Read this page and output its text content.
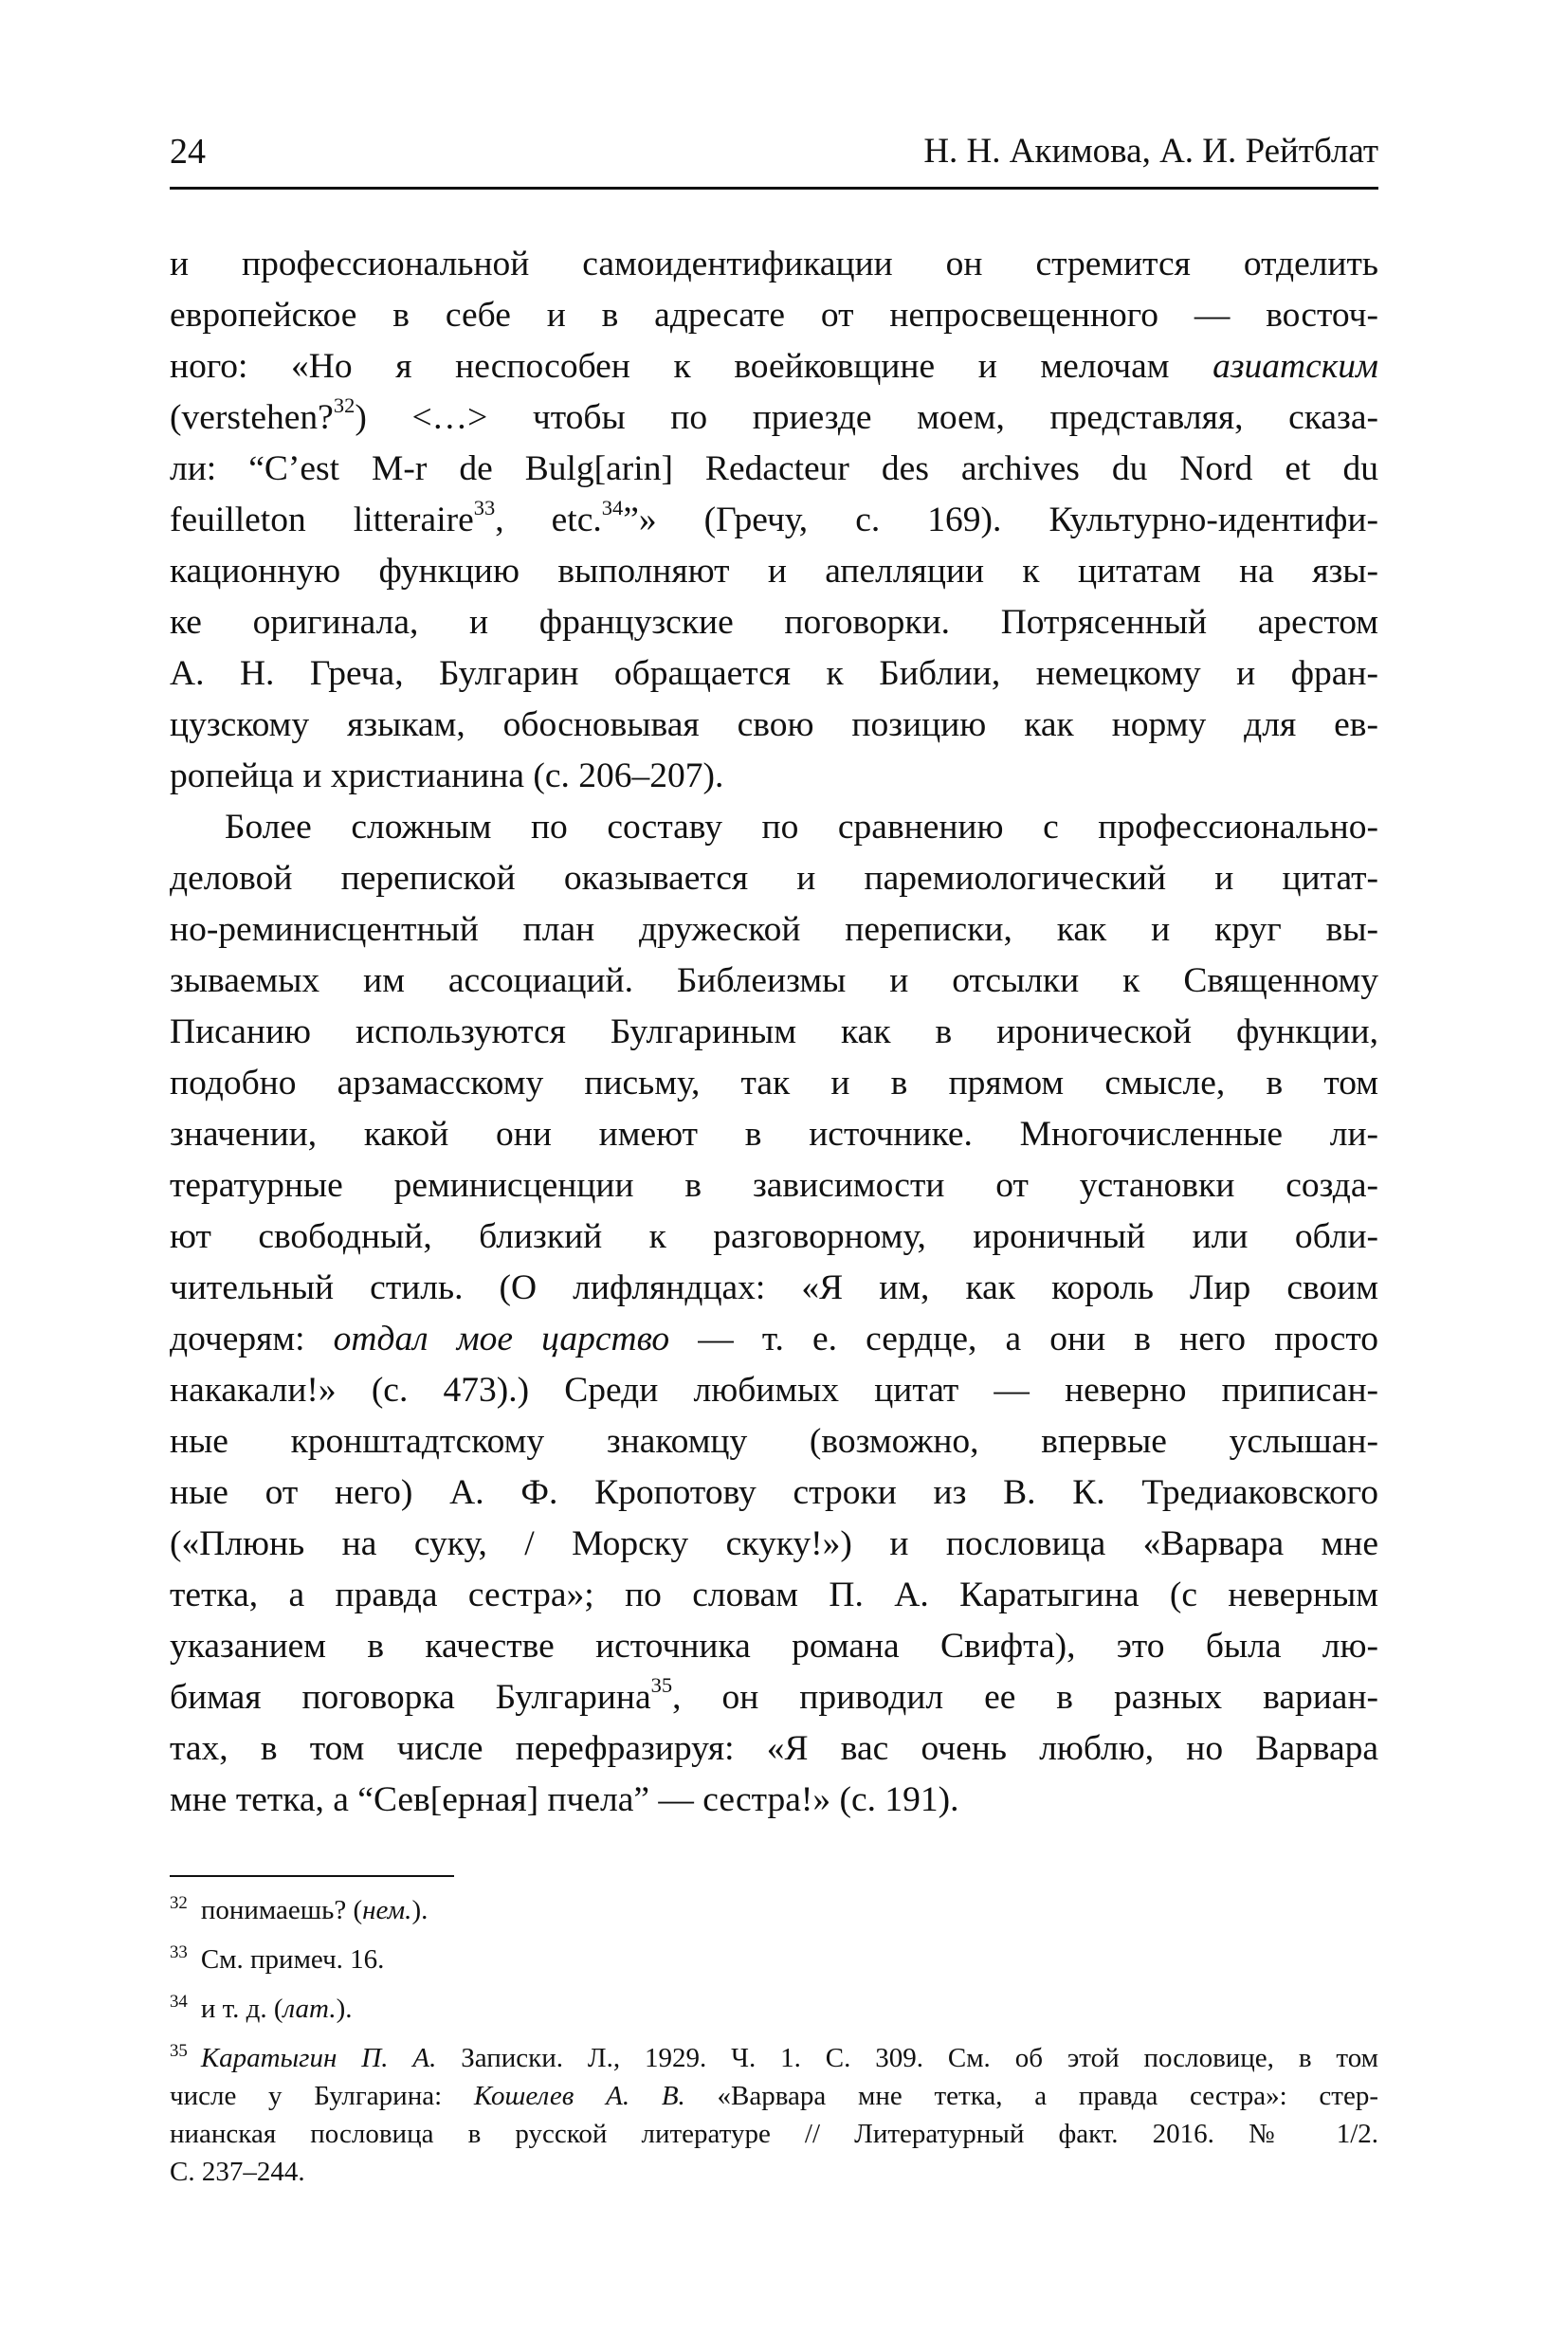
24	Н. Н. Акимова, А. И. Рейтблат
и профессиональной самоидентификации он стремится отделить
европейское в себе и в адресате от непросвещенного — восточ-
ного: «Но я неспособен к воейковщине и мелочам азиатским
(verstehen?$^{32}$) <…> чтобы по приезде моем, представляя, сказа-
ли: “C’est M-r de Bulg[arin] Redacteur des archives du Nord et du
feuilleton litteraire$^{33}$, etc.$^{34}$”» (Гречу, с. 169). Культурно-идентифи-
кационную функцию выполняют и апелляции к цитатам на язы-
ке оригинала, и французские поговорки. Потрясенный арестом
А. Н. Греча, Булгарин обращается к Библии, немецкому и фран-
цузскому языкам, обосновывая свою позицию как норму для ев-
ропейца и христианина (с. 206–207).
Более сложным по составу по сравнению с профессионально-
деловой перепиской оказывается и паремиологический и цитат-
но-реминисцентный план дружеской переписки, как и круг вы-
зываемых им ассоциаций. Библеизмы и отсылки к Священному
Писанию используются Булгариным как в иронической функции,
подобно арзамасскому письму, так и в прямом смысле, в том
значении, какой они имеют в источнике. Многочисленные ли-
тературные реминисценции в зависимости от установки созда-
ют свободный, близкий к разговорному, ироничный или обли-
чительный стиль. (О лифляндцах: «Я им, как король Лир своим
дочерям: отдал мое царство — т. е. сердце, а они в него просто
накакали!» (с. 473).) Среди любимых цитат — неверно приписан-
ные кронштадтскому знакомцу (возможно, впервые услышан-
ные от него) А. Ф. Кропотову строки из В. К. Тредиаковского
(«Плюнь на суку, / Морску скуку!») и пословица «Варвара мне
тетка, а правда сестра»; по словам П. А. Каратыгина (с неверным
указанием в качестве источника романа Свифта), это была лю-
бимая поговорка Булгарина$^{35}$, он приводил ее в разных вариан-
тах, в том числе перефразируя: «Я вас очень люблю, но Варвара
мне тетка, а “Сев[ерная] пчела” — сестра!» (с. 191).
$^{32}$ понимаешь? (нем.).
$^{33}$ См. примеч. 16.
$^{34}$ и т. д. (лат.).
$^{35}$ Каратыгин П. А. Записки. Л., 1929. Ч. 1. С. 309. См. об этой пословице, в том
числе у Булгарина: Кошелев А. В. «Варвара мне тетка, а правда сестра»: стер-
нианская пословица в русской литературе // Литературный факт. 2016. № 1/2.
С. 237–244.
